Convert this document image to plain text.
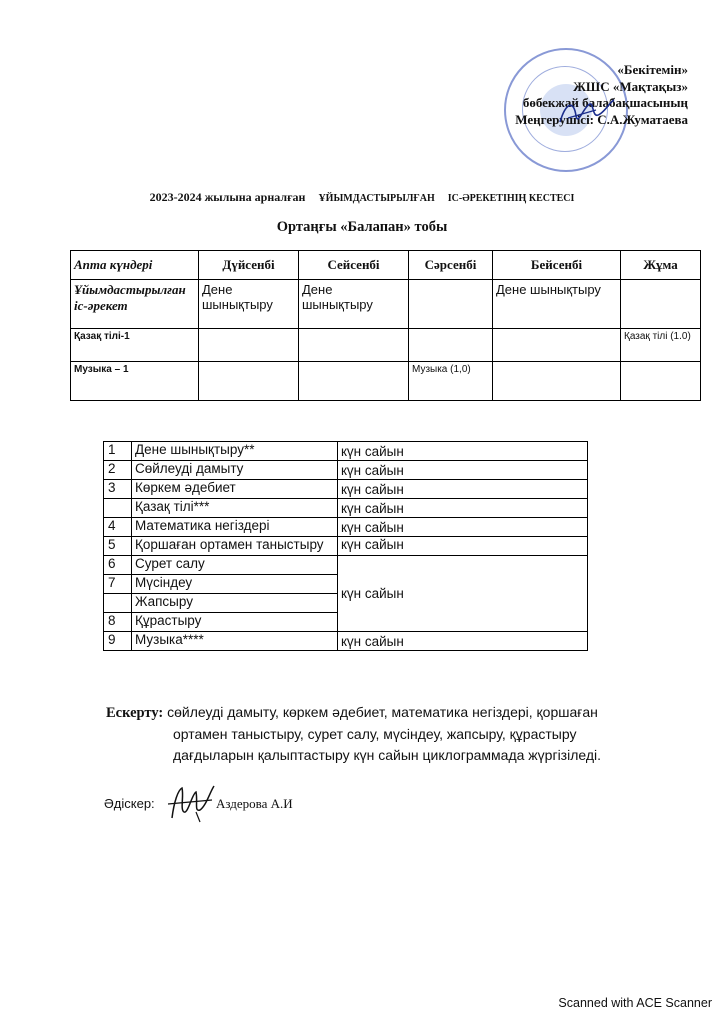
«Бекітемін»
ЖШС «Мақтақыз»
бөбекжай балабақшасының
Меңгерушісі: С.А.Жуматаева
2023-2024 жылына арналған ҰЙЫМДАСТЫРЫЛҒАН ІС-ӘРЕКЕТІНІҢ КЕСТЕСІ
Ортаңғы «Балапан» тобы
Апта күндері	Дүйсенбі	Сейсенбі	Сәрсенбі	Бейсенбі	Жұма
Ұйымдастырылған іс-әрекет	Дене шынықтыру	Дене шынықтыру		Дене шынықтыру	
Қазақ тілі-1					Қазақ тілі (1.0)
Музыка – 1			Музыка (1,0)		
1	Дене шынықтыру**	күн сайын
2	Сөйлеуді дамыту	күн сайын
3	Көркем әдебиет	күн сайын
	Қазақ тілі***	күн сайын
4	Математика негіздері	күн сайын
5	Қоршаған ортамен таныстыру	күн сайын
6	Сурет салу	күн сайын
7	Мүсіндеу	
	Жапсыру	
8	Құрастыру	
9	Музыка****	күн сайын
Ескерту: сөйлеуді дамыту, көркем әдебиет, математика негіздері, қоршаған
ортамен таныстыру, сурет салу, мүсіндеу, жапсыру, құрастыру
дағдыларын қалыптастыру күн сайын циклограммада жүргізіледі.
Әдіскер:	Аздерова А.И
Scanned with ACE Scanner
